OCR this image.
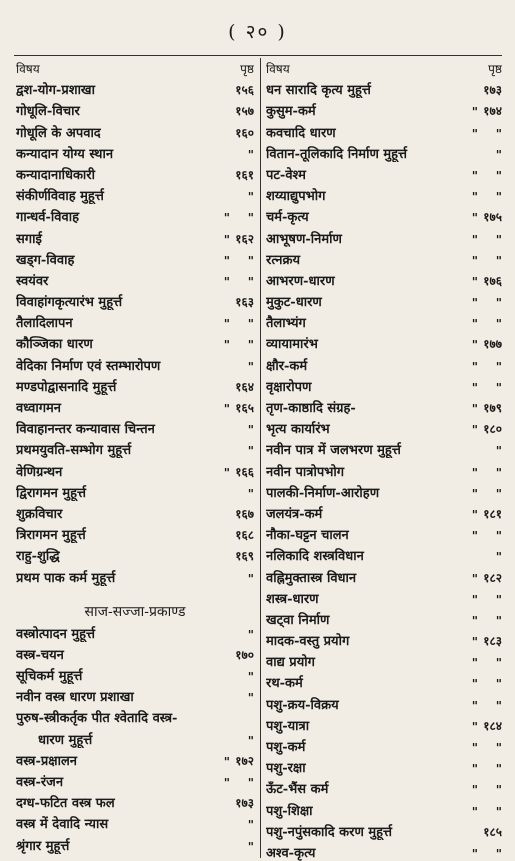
( २० )
विषय	पृष्ठ
द्वश-योग-प्रशाखा	१५६
गोधूलि-विचार	१५७
गोधूलि के अपवाद	१६०
कन्यादान योग्य स्थान	"
कन्यादानाधिकारी	१६१
संकीर्णविवाह मुहूर्त्त	"
गान्धर्व-विवाह	"	"
सगाई	" १६२
खड्ग-विवाह	"	"
स्वयंवर	"	"
विवाहांगकृत्यारंभ मुहूर्त्त	१६३
तैलादिलापन	"	"
कौञ्जिका धारण	"	"
वेदिका निर्माण एवं स्तम्भारोपण	"
मण्डपोद्वासनादि मुहूर्त्त	१६४
वध्वागमन	" १६५
विवाहानन्तर कन्यावास चिन्तन	"
प्रथमयुवति-सम्भोग मुहूर्त्त	"
वेणिग्रन्थन	" १६६
द्विरागमन मुहूर्त्त	"
शुक्रविचार	१६७
त्रिरागमन मुहूर्त्त	१६८
राहु-शुद्धि	१६९
प्रथम पाक कर्म मुहूर्त्त	"
साज-सज्जा-प्रकाण्ड
वस्त्रोत्पादन मुहूर्त्त	"
वस्त्र-चयन	१७०
सूचिकर्म मुहूर्त्त	"
नवीन वस्त्र धारण प्रशाखा	"
पुरुष-स्त्रीकर्तृक पीत श्वेतादि वस्त्र-
धारण मुहूर्त्त	"
वस्त्र-प्रक्षालन	" १७२
वस्त्र-रंजन	"	"
दग्ध-फटित वस्त्र फल	१७३
वस्त्र में देवादि न्यास	"
श्रृंगार मुहूर्त्त	"
विषय	पृष्ठ
धन सारादि कृत्य मुहूर्त्त	१७३
कुसुम-कर्म	" १७४
कवचादि धारण	"	"
वितान-तूलिकादि निर्माण मुहूर्त्त	"
पट-वेश्म	"	"
शय्याद्युपभोग	"	"
चर्म-कृत्य	" १७५
आभूषण-निर्माण	"	"
रत्नक्रय	"	"
आभरण-धारण	" १७६
मुकुट-धारण	"	"
तैलाभ्यंग	"	"
व्यायामारंभ	" १७७
क्षौर-कर्म	"	"
वृक्षारोपण	"	"
तृण-काष्ठादि संग्रह-	" १७९
भृत्य कार्यारंभ	" १८०
नवीन पात्र में जलभरण मुहूर्त्त	"
नवीन पात्रोपभोग	"	"
पालकी-निर्माण-आरोहण	"	"
जलयंत्र-कर्म	" १८१
नौका-घट्टन चालन	"	"
नलिकादि शस्त्रविधान	"
वह्निमुक्तास्त्र विधान	" १८२
शस्त्र-धारण	"	"
खट्वा निर्माण	"	"
मादक-वस्तु प्रयोग	" १८३
वाद्य प्रयोग	"	"
रथ-कर्म	"	"
पशु-क्रय-विक्रय	"	"
पशु-यात्रा	" १८४
पशु-कर्म	"	"
पशु-रक्षा	"	"
ऊँट-भैंस कर्म	"	"
पशु-शिक्षा	"	"
पशु-नपुंसकादि करण मुहूर्त्त	१८५
अश्व-कृत्य	"	"
